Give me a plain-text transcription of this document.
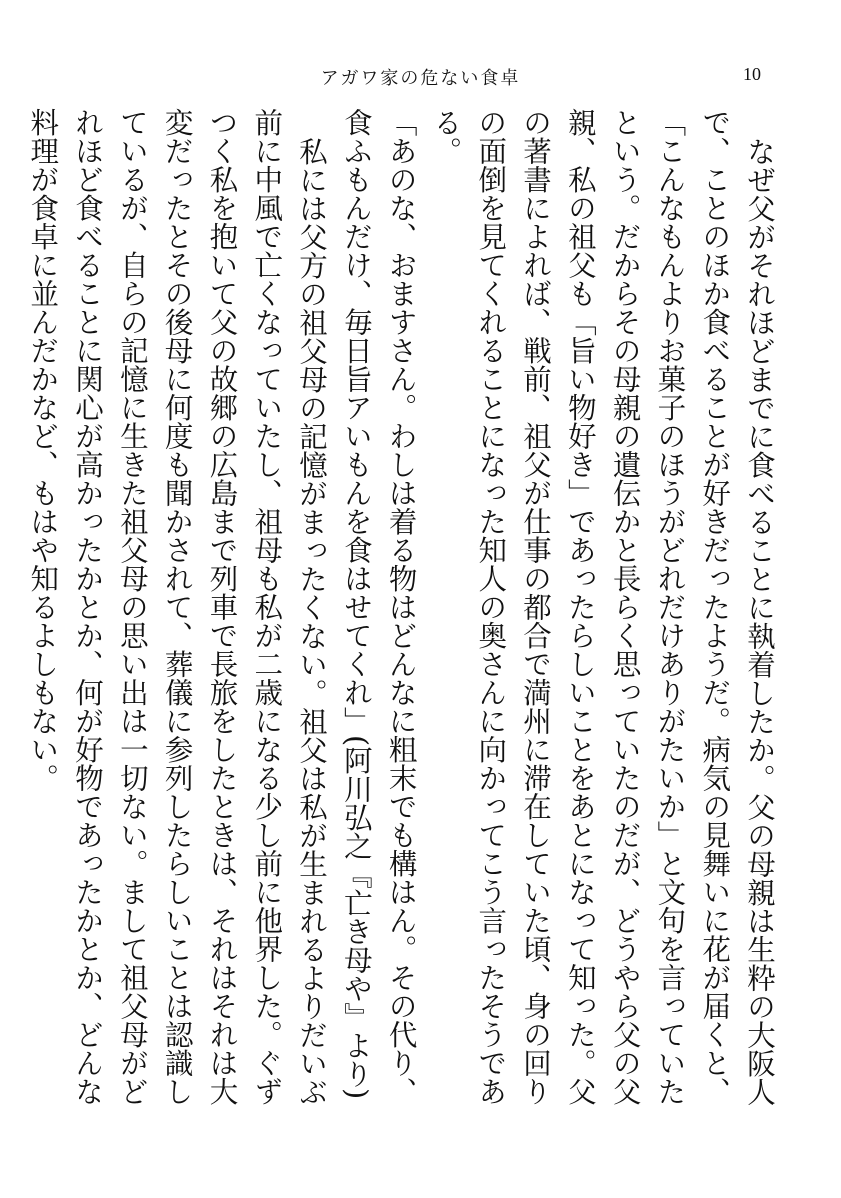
アガワ家の危ない食卓	10

なぜ父がそれほどまでに食べることに執着したか。父の母親は生粋の大阪人で、ことのほか食べることが好きだったようだ。病気の見舞いに花が届くと、「こんなもんよりお菓子のほうがどれだけありがたいか」と文句を言っていたという。だからその母親の遺伝かと長らく思っていたのだが、どうやら父の父親、私の祖父も「旨い物好き」であったらしいことをあとになって知った。父の著書によれば、戦前、祖父が仕事の都合で満州に滞在していた頃、身の回りの面倒を見てくれることになった知人の奥さんに向かってこう言ったそうである。

「あのな、おますさん。わしは着る物はどんなに粗末でも構はん。その代り、食ふもんだけ、毎日旨アいもんを食はせてくれ」(阿川弘之『亡き母や』より)

私には父方の祖父母の記憶がまったくない。祖父は私が生まれるよりだいぶ前に中風で亡くなっていたし、祖母も私が二歳になる少し前に他界した。ぐずつく私を抱いて父の故郷の広島まで列車で長旅をしたときは、それはそれは大変だったとその後母に何度も聞かされて、葬儀に参列したらしいことは認識しているが、自らの記憶に生きた祖父母の思い出は一切ない。まして祖父母がどれほど食べることに関心が高かったかとか、何が好物であったかとか、どんな料理が食卓に並んだかなど、もはや知るよしもない。
